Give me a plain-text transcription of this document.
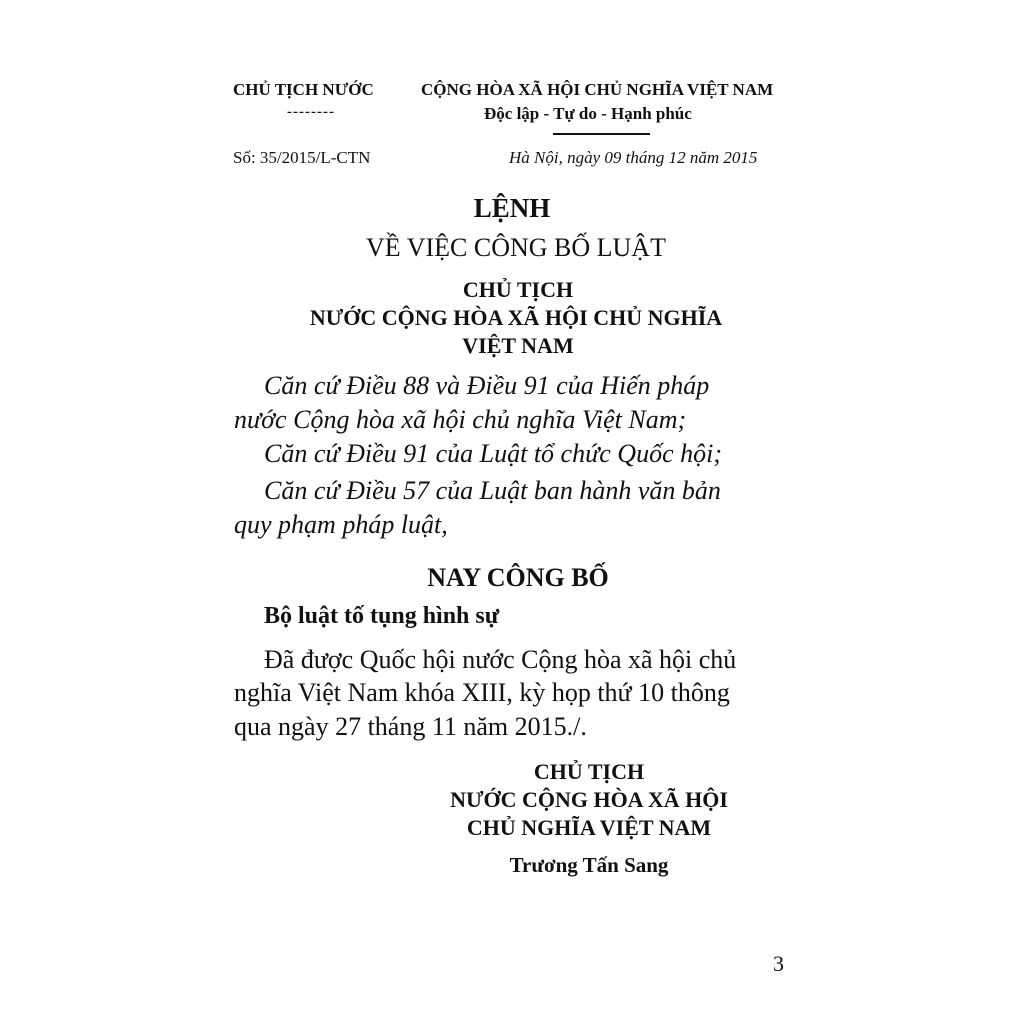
CHỦ TỊCH NƯỚC
--------
CỘNG HÒA XÃ HỘI CHỦ NGHĨA VIỆT NAM
Độc lập - Tự do - Hạnh phúc
Số: 35/2015/L-CTN	Hà Nội, ngày 09 tháng 12 năm 2015
LỆNH
VỀ VIỆC CÔNG BỐ LUẬT
CHỦ TỊCH
NƯỚC CỘNG HÒA XÃ HỘI CHỦ NGHĨA
VIỆT NAM
Căn cứ Điều 88 và Điều 91 của Hiến pháp
nước Cộng hòa xã hội chủ nghĩa Việt Nam;
Căn cứ Điều 91 của Luật tổ chức Quốc hội;
Căn cứ Điều 57 của Luật ban hành văn bản
quy phạm pháp luật,
NAY CÔNG BỐ
Bộ luật tố tụng hình sự
Đã được Quốc hội nước Cộng hòa xã hội chủ
nghĩa Việt Nam khóa XIII, kỳ họp thứ 10 thông
qua ngày 27 tháng 11 năm 2015./.
CHỦ TỊCH
NƯỚC CỘNG HÒA XÃ HỘI
CHỦ NGHĨA VIỆT NAM
Trương Tấn Sang
3
